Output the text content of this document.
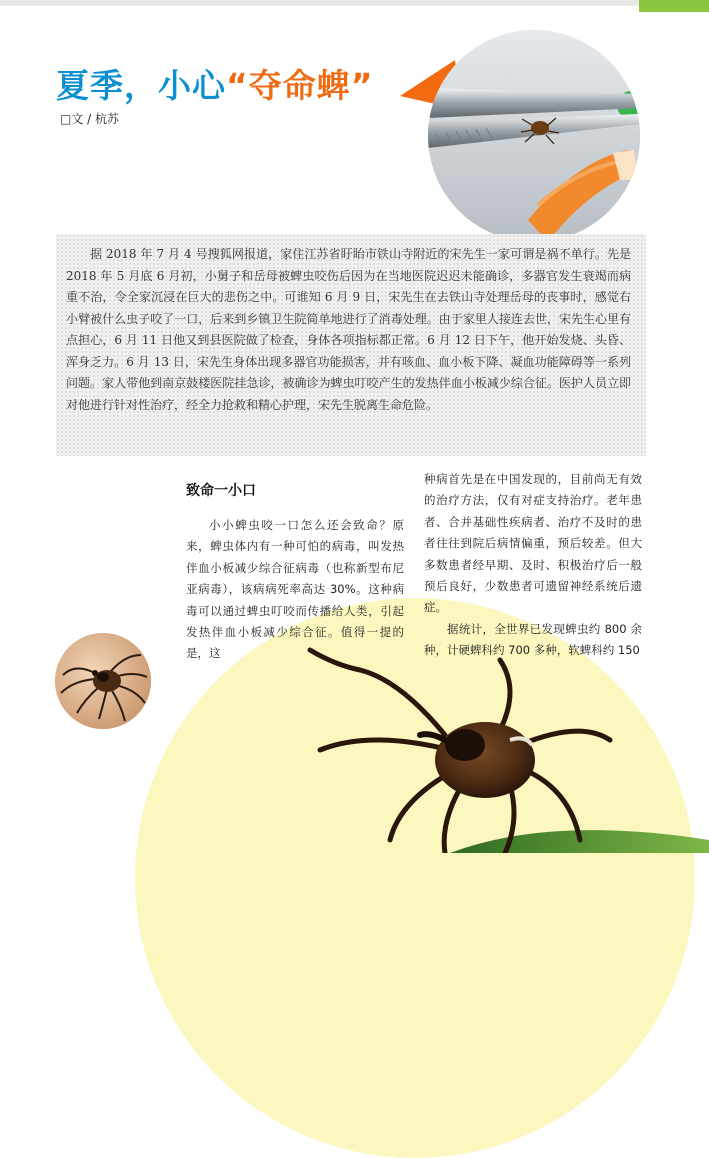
夏季，小心“夺命蜱”
□文 / 杭苏

据 2018 年 7 月 4 号搜狐网报道，家住江苏省盱眙市铁山寺附近的宋先生一家可谓是祸不单行。先是 2018 年 5 月底 6 月初，小舅子和岳母被蜱虫咬伤后因为在当地医院迟迟未能确诊，多器官发生衰竭而病重不治，令全家沉浸在巨大的悲伤之中。可谁知 6 月 9 日，宋先生在去铁山寺处理岳母的丧事时，感觉右小臂被什么虫子咬了一口，后来到乡镇卫生院简单地进行了消毒处理。由于家里人接连去世，宋先生心里有点担心，6 月 11 日他又到县医院做了检查，身体各项指标都正常。6 月 12 日下午，他开始发烧、头昏、浑身乏力。6 月 13 日，宋先生身体出现多器官功能损害，并有咳血、血小板下降、凝血功能障碍等一系列问题。家人带他到南京鼓楼医院挂急诊，被确诊为蜱虫叮咬产生的发热伴血小板减少综合征。医护人员立即对他进行针对性治疗，经全力抢救和精心护理，宋先生脱离生命危险。

致命一小口
小小蜱虫咬一口怎么还会致命？原来，蜱虫体内有一种可怕的病毒，叫发热伴血小板减少综合征病毒（也称新型布尼亚病毒），该病病死率高达 30%。这种病毒可以通过蜱虫叮咬而传播给人类，引起发热伴血小板减少综合征。值得一提的是，这
种病首先是在中国发现的，目前尚无有效的治疗方法，仅有对症支持治疗。老年患者、合并基础性疾病者、治疗不及时的患者往往到院后病情偏重，预后较差。但大多数患者经早期、及时、积极治疗后一般预后良好，少数患者可遗留神经系统后遗症。
据统计，全世界已发现蜱虫约 800 余种，计硬蜱科约 700 多种，软蜱科约 150
